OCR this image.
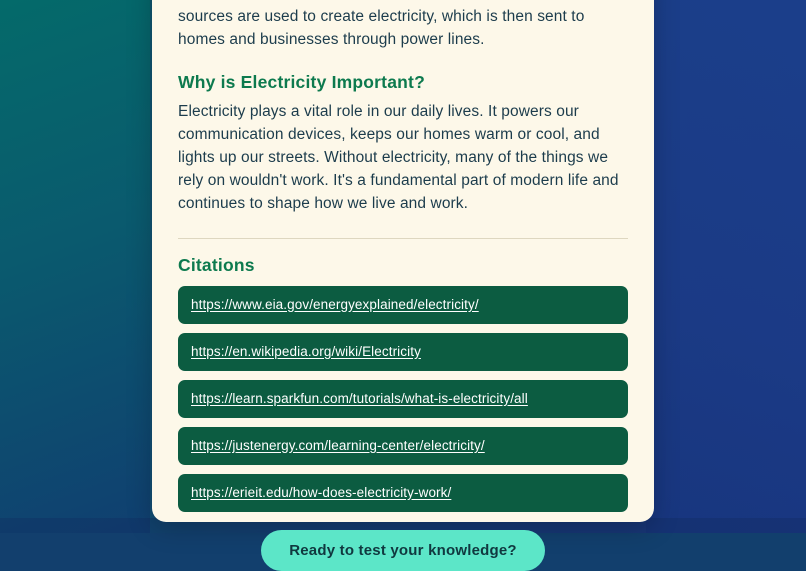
sources are used to create electricity, which is then sent to homes and businesses through power lines.

Why is Electricity Important?

Electricity plays a vital role in our daily lives. It powers our communication devices, keeps our homes warm or cool, and lights up our streets. Without electricity, many of the things we rely on wouldn't work. It's a fundamental part of modern life and continues to shape how we live and work.

Citations
https://www.eia.gov/energyexplained/electricity/
https://en.wikipedia.org/wiki/Electricity
https://learn.sparkfun.com/tutorials/what-is-electricity/all
https://justenergy.com/learning-center/electricity/
https://erieit.edu/how-does-electricity-work/
Ready to test your knowledge?
